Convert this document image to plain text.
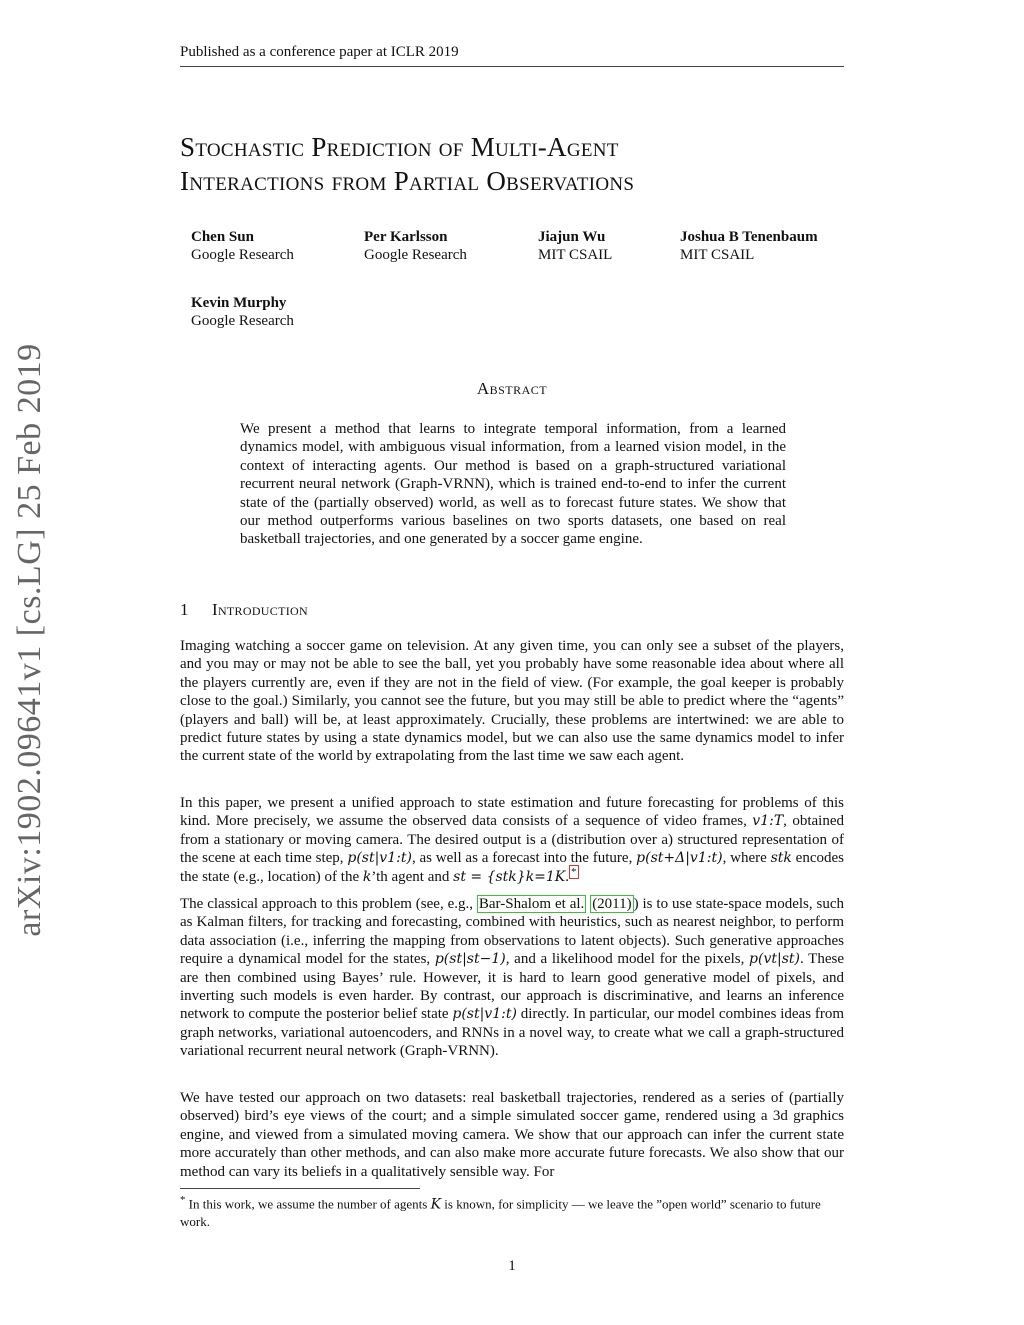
Published as a conference paper at ICLR 2019
arXiv:1902.09641v1 [cs.LG] 25 Feb 2019
Stochastic Prediction of Multi-Agent
Interactions from Partial Observations
Chen Sun
Google Research
Per Karlsson
Google Research
Jiajun Wu
MIT CSAIL
Joshua B Tenenbaum
MIT CSAIL
Kevin Murphy
Google Research
Abstract
We present a method that learns to integrate temporal information, from a learned dynamics model, with ambiguous visual information, from a learned vision model, in the context of interacting agents. Our method is based on a graph-structured variational recurrent neural network (Graph-VRNN), which is trained end-to-end to infer the current state of the (partially observed) world, as well as to forecast future states. We show that our method outperforms various baselines on two sports datasets, one based on real basketball trajectories, and one generated by a soccer game engine.
1 Introduction
Imaging watching a soccer game on television. At any given time, you can only see a subset of the players, and you may or may not be able to see the ball, yet you probably have some reasonable idea about where all the players currently are, even if they are not in the field of view. (For example, the goal keeper is probably close to the goal.) Similarly, you cannot see the future, but you may still be able to predict where the “agents” (players and ball) will be, at least approximately. Crucially, these problems are intertwined: we are able to predict future states by using a state dynamics model, but we can also use the same dynamics model to infer the current state of the world by extrapolating from the last time we saw each agent.
In this paper, we present a unified approach to state estimation and future forecasting for problems of this kind. More precisely, we assume the observed data consists of a sequence of video frames, v1:T, obtained from a stationary or moving camera. The desired output is a (distribution over a) structured representation of the scene at each time step, p(st|v1:t), as well as a forecast into the future, p(st+Δ|v1:t), where stk encodes the state (e.g., location) of the k’th agent and st = {stk}k=1K. *
The classical approach to this problem (see, e.g., Bar-Shalom et al. (2011) ) is to use state-space models, such as Kalman filters, for tracking and forecasting, combined with heuristics, such as nearest neighbor, to perform data association (i.e., inferring the mapping from observations to latent objects). Such generative approaches require a dynamical model for the states, p(st|st−1), and a likelihood model for the pixels, p(vt|st). These are then combined using Bayes’ rule. However, it is hard to learn good generative model of pixels, and inverting such models is even harder. By contrast, our approach is discriminative, and learns an inference network to compute the posterior belief state p(st|v1:t) directly. In particular, our model combines ideas from graph networks, variational autoencoders, and RNNs in a novel way, to create what we call a graph-structured variational recurrent neural network (Graph-VRNN).
We have tested our approach on two datasets: real basketball trajectories, rendered as a series of (partially observed) bird’s eye views of the court; and a simple simulated soccer game, rendered using a 3d graphics engine, and viewed from a simulated moving camera. We show that our approach can infer the current state more accurately than other methods, and can also make more accurate future forecasts. We also show that our method can vary its beliefs in a qualitatively sensible way. For
* In this work, we assume the number of agents K is known, for simplicity — we leave the ”open world” scenario to future work.
1
